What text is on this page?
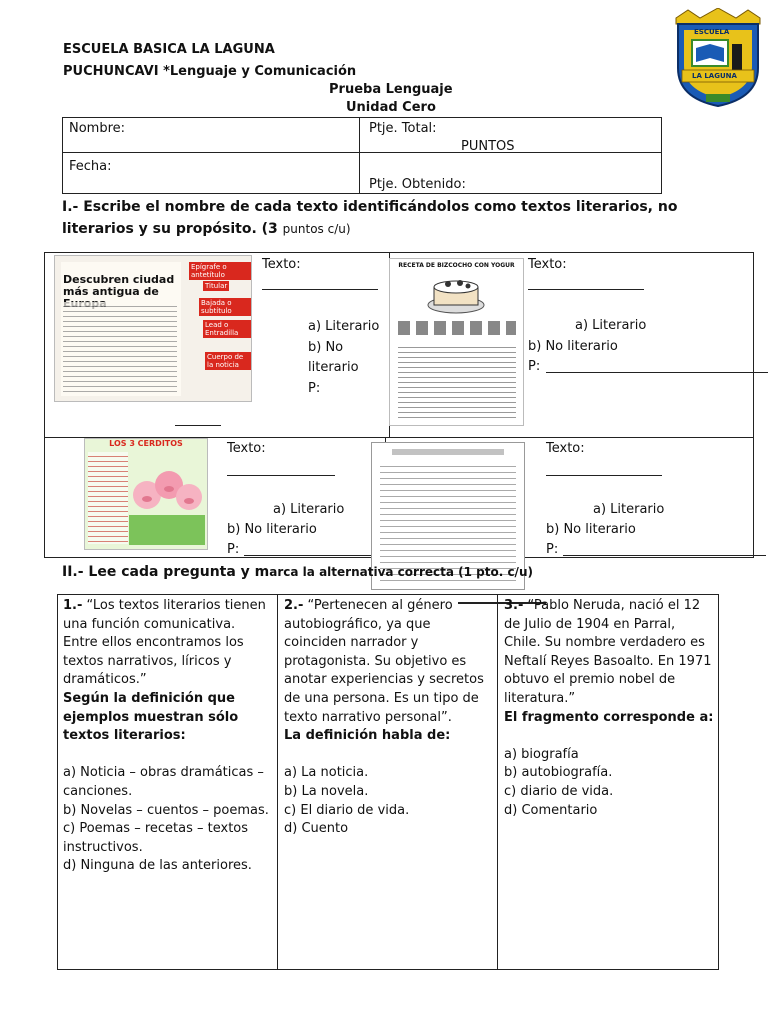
ESCUELA BASICA LA LAGUNA
PUCHUNCAVI *Lenguaje y Comunicación
Prueba Lenguaje
Unidad Cero
ESCUELA
LA LAGUNA
Nombre:	Ptje. Total:
PUNTOS
Fecha:
Ptje. Obtenido:
I.- Escribe el nombre de cada texto identificándolos como textos literarios, no literarios y su propósito. (3 puntos c/u)
Descubren ciudad más antigua de
Epígrafe o antetítulo
Titular
Bajada o subtítulo
Lead o Entradilla
Cuerpo de la noticia
Texto:
a) Literario
b) No literario
P:
RECETA DE BIZCOCHO CON YOGUR	Texto:
a) Literario
b) No literario
P:
LOS 3 CERDITOS	Texto:
a) Literario
b) No literario
P:
Texto:
a) Literario
b) No literario
P:
II.- Lee cada pregunta y marca la alternativa correcta (1 pto. c/u)
1.- “Los textos literarios tienen una función comunicativa. Entre ellos encontramos los textos narrativos, líricos y dramáticos.”
Según la definición que ejemplos muestran sólo textos literarios:
a) Noticia – obras dramáticas – canciones.
b) Novelas – cuentos – poemas.
c) Poemas – recetas – textos instructivos.
d) Ninguna de las anteriores.
2.- “Pertenecen al género autobiográfico, ya que coinciden narrador y protagonista. Su objetivo es anotar experiencias y secretos de una persona. Es un tipo de texto narrativo personal”.
La definición habla de:
a) La noticia.
b) La novela.
c) El diario de vida.
d) Cuento
3.- “Pablo Neruda, nació el 12 de Julio de 1904 en Parral, Chile. Su nombre verdadero es Neftalí Reyes Basoalto. En 1971 obtuvo el premio nobel de literatura.”
El fragmento corresponde a:
a) biografía
b) autobiografía.
c) diario de vida.
d) Comentario
